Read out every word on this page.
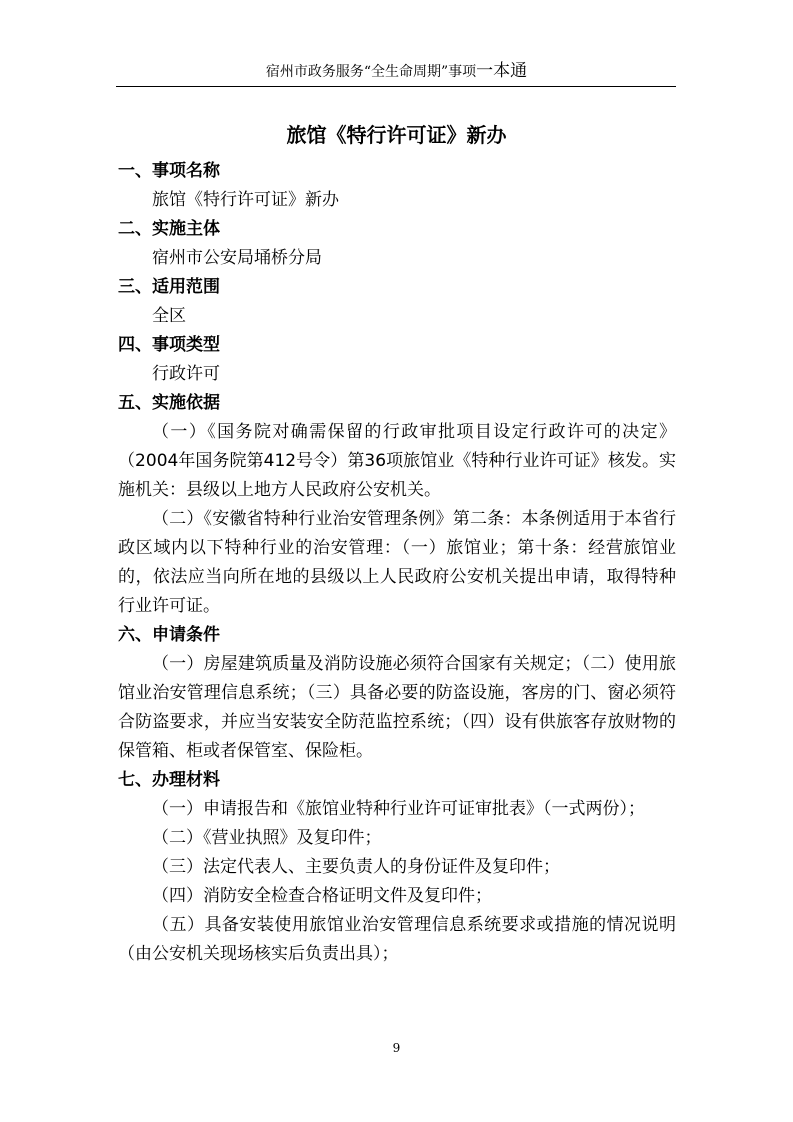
宿州市政务服务“全生命周期”事项一本通
旅馆《特行许可证》新办

一、事项名称

旅馆《特行许可证》新办

二、实施主体

宿州市公安局埇桥分局

三、适用范围

全区

四、事项类型

行政许可

五、实施依据

（一）《国务院对确需保留的行政审批项目设定行政许可的决定》（2004年国务院第412号令）第36项旅馆业《特种行业许可证》核发。实施机关：县级以上地方人民政府公安机关。

（二）《安徽省特种行业治安管理条例》第二条：本条例适用于本省行政区域内以下特种行业的治安管理：（一）旅馆业；第十条：经营旅馆业的，依法应当向所在地的县级以上人民政府公安机关提出申请，取得特种行业许可证。

六、申请条件

（一）房屋建筑质量及消防设施必须符合国家有关规定；（二）使用旅馆业治安管理信息系统；（三）具备必要的防盗设施，客房的门、窗必须符合防盗要求，并应当安装安全防范监控系统；（四）设有供旅客存放财物的保管箱、柜或者保管室、保险柜。

七、办理材料

（一）申请报告和《旅馆业特种行业许可证审批表》（一式两份）；

（二）《营业执照》及复印件；

（三）法定代表人、主要负责人的身份证件及复印件；

（四）消防安全检查合格证明文件及复印件；

（五）具备安装使用旅馆业治安管理信息系统要求或措施的情况说明（由公安机关现场核实后负责出具）；

9
